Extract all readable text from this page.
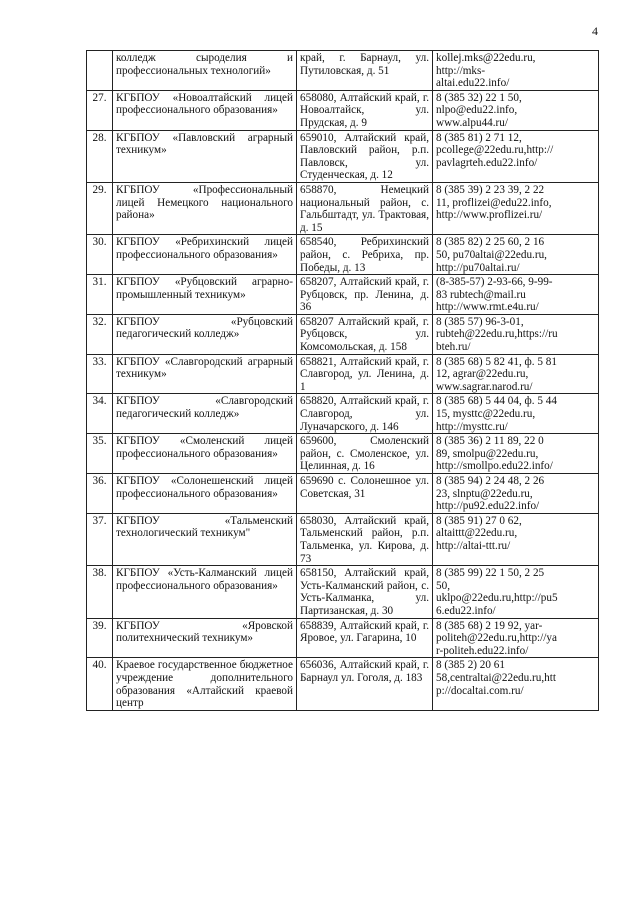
4
	колледж сыроделия и профессиональных технологий»	край, г. Барнаул, ул. Путиловская, д. 51	kollej.mks@22edu.ru,
http://mks-
altai.edu22.info/
27.	КГБПОУ «Новоалтайский лицей профессионального образования»	658080, Алтайский край, г. Новоалтайск, ул. Прудская, д. 9	8 (385 32) 22 1 50,
nlpo@edu22.info,
www.alpu44.ru/
28.	КГБПОУ «Павловский аграрный техникум»	659010, Алтайский край, Павловский район, р.п. Павловск, ул. Студенческая, д. 12	8 (385 81) 2 71 12,
pcollege@22edu.ru,http://
pavlagrteh.edu22.info/
29.	КГБПОУ «Профессиональный лицей Немецкого национального района»	658870, Немецкий национальный район, с. Гальбштадт, ул. Трактовая, д. 15	8 (385 39) 2 23 39, 2 22
11, proflizei@edu22.info,
http://www.proflizei.ru/
30.	КГБПОУ «Ребрихинский лицей профессионального образования»	658540, Ребрихинский район, с. Ребриха, пр. Победы, д. 13	8 (385 82) 2 25 60, 2 16
50, pu70altai@22edu.ru,
http://pu70altai.ru/
31.	КГБПОУ «Рубцовский аграрно-промышленный техникум»	658207, Алтайский край, г. Рубцовск, пр. Ленина, д. 36	(8-385-57) 2-93-66, 9-99-
83 rubtech@mail.ru
http://www.rmt.e4u.ru/
32.	КГБПОУ «Рубцовский педагогический колледж»	658207 Алтайский край, г. Рубцовск, ул. Комсомольская, д. 158	8 (385 57) 96-3-01,
rubteh@22edu.ru,https://ru
bteh.ru/
33.	КГБПОУ «Славгородский аграрный техникум»	658821, Алтайский край, г. Славгород, ул. Ленина, д. 1	8 (385 68) 5 82 41, ф. 5 81
12, agrar@22edu.ru,
www.sagrar.narod.ru/
34.	КГБПОУ «Славгородский педагогический колледж»	658820, Алтайский край, г. Славгород, ул. Луначарского, д. 146	8 (385 68) 5 44 04, ф. 5 44
15, mysttc@22edu.ru,
http://mysttc.ru/
35.	КГБПОУ «Смоленский лицей профессионального образования»	659600, Смоленский район, с. Смоленское, ул. Целинная, д. 16	8 (385 36) 2 11 89, 22 0
89, smolpu@22edu.ru,
http://smollpo.edu22.info/
36.	КГБПОУ «Солонешенский лицей профессионального образования»	659690 с. Солонешное ул. Советская, 31	8 (385 94) 2 24 48, 2 26
23, slnptu@22edu.ru,
http://pu92.edu22.info/
37.	КГБПОУ «Тальменский технологический техникум"	658030, Алтайский край, Тальменский район, р.п. Тальменка, ул. Кирова, д. 73	8 (385 91) 27 0 62,
altaittt@22edu.ru,
http://altai-ttt.ru/
38.	КГБПОУ «Усть-Калманский лицей профессионального образования»	658150, Алтайский край, Усть-Калманский район, с. Усть-Калманка, ул. Партизанская, д. 30	8 (385 99) 22 1 50, 2 25
50,
uklpo@22edu.ru,http://pu5
6.edu22.info/
39.	КГБПОУ «Яровской политехнический техникум»	658839, Алтайский край, г. Яровое, ул. Гагарина, 10	8 (385 68) 2 19 92, yar-
politeh@22edu.ru,http://ya
r-politeh.edu22.info/
40.	Краевое государственное бюджетное учреждение дополнительного образования «Алтайский краевой центр	656036, Алтайский край, г. Барнаул ул. Гоголя, д. 183	8 (385 2) 20 61
58,centraltai@22edu.ru,htt
p://docaltai.com.ru/
